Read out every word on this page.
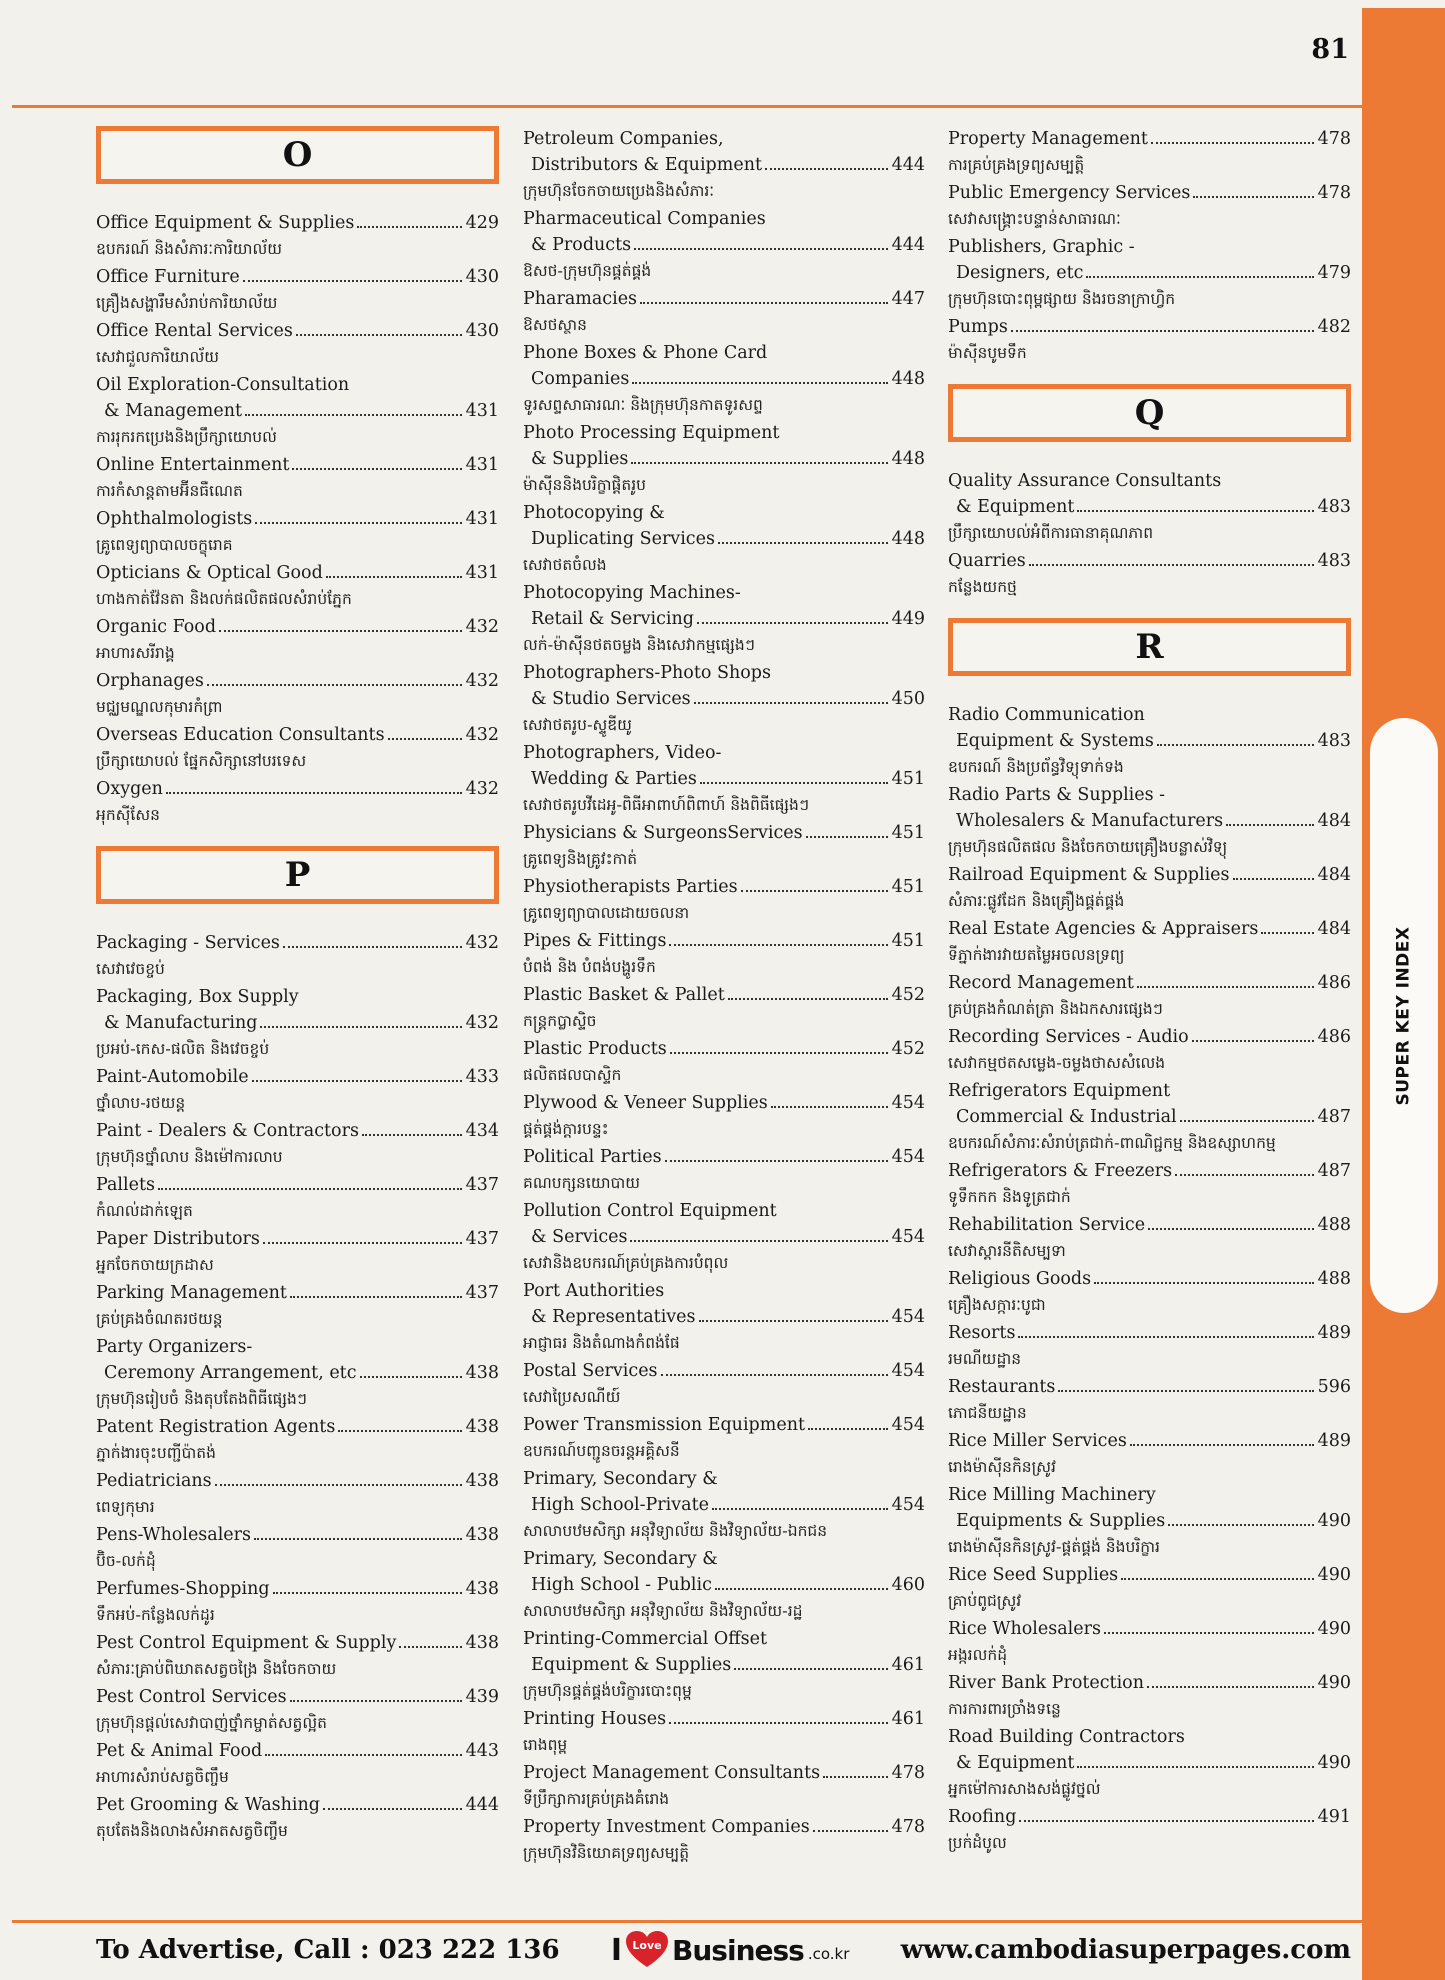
SUPER KEY INDEX
81
O
Office Equipment & Supplies	429
ឧបករណ៍ និងសំភារៈការិយាល័យ
Office Furniture	430
គ្រឿងសង្ហារឹមសំរាប់ការិយាល័យ
Office Rental Services	430
សេវាជួលការិយាល័យ
Oil Exploration-Consultation
& Management	431
ការរុករកប្រេងនិងប្រឹក្សាយោបល់
Online Entertainment	431
ការកំសាន្តតាមអ៊ីនធឺណេត
Ophthalmologists	431
គ្រូពេទ្យព្យាបាលចក្ខុរោគ
Opticians & Optical Good	431
ហាងកាត់វ៉ែនតា និងលក់ផលិតផលសំរាប់ភ្នែក
Organic Food	432
អាហារសរីរាង្គ
Orphanages	432
មជ្ឈមណ្ឌលកុមារកំព្រា
Overseas Education Consultants	432
ប្រឹក្សាយោបល់ ផ្នែកសិក្សានៅបរទេស
Oxygen	432
អុកស៊ីសែន
P
Packaging - Services	432
សេវាវេចខ្ចប់
Packaging, Box Supply
& Manufacturing	432
ប្រអប់-កេស-ផលិត និងវេចខ្ចប់
Paint-Automobile	433
ថ្នាំលាប-រថយន្ត
Paint - Dealers & Contractors	434
ក្រុមហ៊ុនថ្នាំលាប និងម៉ៅការលាប
Pallets	437
កំណល់ដាក់ឡេត
Paper Distributors	437
អ្នកចែកចាយក្រដាស
Parking Management	437
គ្រប់គ្រងចំណតរថយន្ត
Party Organizers-
Ceremony Arrangement, etc	438
ក្រុមហ៊ុនរៀបចំ និងតុបតែងពិធីផ្សេងៗ
Patent Registration Agents	438
ភ្នាក់ងារចុះបញ្ជីប៉ាតង់
Pediatricians	438
ពេទ្យកុមារ
Pens-Wholesalers	438
ប៊ិច-លក់ដុំ
Perfumes-Shopping	438
ទឹកអប់-កន្លែងលក់ដូរ
Pest Control Equipment & Supply	438
សំភារៈគ្រាប់ពិឃាតសត្វចង្រៃ និងចែកចាយ
Pest Control Services	439
ក្រុមហ៊ុនផ្តល់សេវាបាញ់ថ្នាំកម្ចាត់សត្វល្អិត
Pet & Animal Food	443
អាហារសំរាប់សត្វចិញ្ចឹម
Pet Grooming & Washing	444
តុបតែងនិងលាងសំអាតសត្វចិញ្ចឹម
Petroleum Companies,
Distributors & Equipment	444
ក្រុមហ៊ុនចែកចាយប្រេងនិងសំភារៈ
Pharmaceutical Companies
& Products	444
ឱសថ-ក្រុមហ៊ុនផ្គត់ផ្គង់
Pharamacies	447
ឱសថស្ថាន
Phone Boxes & Phone Card
Companies	448
ទូរសព្ទសាធារណៈ និងក្រុមហ៊ុនកាតទូរសព្ទ
Photo Processing Equipment
& Supplies	448
ម៉ាស៊ីននិងបរិក្ខាផ្តិតរូប
Photocopying &
Duplicating Services	448
សេវាថតចំលង
Photocopying Machines-
Retail & Servicing	449
លក់-ម៉ាស៊ីនថតចម្លង និងសេវាកម្មផ្សេងៗ
Photographers-Photo Shops
& Studio Services	450
សេវាថតរូប-ស្ទូឌីយូ
Photographers, Video-
Wedding & Parties	451
សេវាថតរូបវីដេអូ-ពិធីអាពាហ៍ពិពាហ៍ និងពិធីផ្សេងៗ
Physicians & SurgeonsServices	451
គ្រូពេទ្យនិងគ្រូវះកាត់
Physiotherapists Parties	451
គ្រូពេទ្យព្យាបាលដោយចលនា
Pipes & Fittings	451
បំពង់ និង បំពង់បង្ហូរទឹក
Plastic Basket & Pallet	452
កន្ត្រកប្លាស្ទិច
Plastic Products	452
ផលិតផលបាស្ទិក
Plywood & Veneer Supplies	454
ផ្គត់ផ្គង់ក្តារបន្ទះ
Political Parties	454
គណបក្សនយោបាយ
Pollution Control Equipment
& Services	454
សេវានិងឧបករណ៍គ្រប់គ្រងការបំពុល
Port Authorities
& Representatives	454
អាជ្ញាធរ និងតំណាងកំពង់ផែ
Postal Services	454
សេវាប្រៃសណីយ៍
Power Transmission Equipment	454
ឧបករណ៍បញ្ជូនចរន្តអគ្គិសនី
Primary, Secondary &
High School-Private	454
សាលាបឋមសិក្សា អនុវិទ្យាល័យ និងវិទ្យាល័យ-ឯកជន
Primary, Secondary &
High School - Public	460
សាលាបឋមសិក្សា អនុវិទ្យាល័យ និងវិទ្យាល័យ-រដ្ឋ
Printing-Commercial Offset
Equipment & Supplies	461
ក្រុមហ៊ុនផ្គត់ផ្គង់បរិក្ខារបោះពុម្ព
Printing Houses	461
រោងពុម្ព
Project Management Consultants	478
ទីប្រឹក្សាការគ្រប់គ្រងគំរោង
Property Investment Companies	478
ក្រុមហ៊ុនវិនិយោគទ្រព្យសម្បត្តិ
Property Management	478
ការគ្រប់គ្រងទ្រព្យសម្បត្តិ
Public Emergency Services	478
សេវាសង្គ្រោះបន្ទាន់សាធារណៈ
Publishers, Graphic -
Designers, etc	479
ក្រុមហ៊ុនបោះពុម្ពផ្សាយ និងរចនាក្រាហ្វិក
Pumps	482
ម៉ាស៊ីនបូមទឹក
Q
Quality Assurance Consultants
& Equipment	483
ប្រឹក្សាយោបល់អំពីការធានាគុណភាព
Quarries	483
កន្លែងយកថ្ម
R
Radio Communication
Equipment & Systems	483
ឧបករណ៍ និងប្រព័ន្ធវិទ្យុទាក់ទង
Radio Parts & Supplies -
Wholesalers & Manufacturers	484
ក្រុមហ៊ុនផលិតផល និងចែកចាយគ្រឿងបន្លាស់វិទ្យុ
Railroad Equipment & Supplies	484
សំភារៈផ្លូវដែក និងគ្រឿងផ្គត់ផ្គង់
Real Estate Agencies & Appraisers	484
ទីភ្នាក់ងារវាយតម្លៃអចលនទ្រព្យ
Record Management	486
គ្រប់គ្រងកំណត់ត្រា និងឯកសារផ្សេងៗ
Recording Services - Audio	486
សេវាកម្មថតសម្លេង-ចម្លងថាសសំលេង
Refrigerators Equipment
Commercial & Industrial	487
ឧបករណ៍សំភារៈសំរាប់ត្រជាក់-ពាណិជ្ជកម្ម និងឧស្សាហកម្ម
Refrigerators & Freezers	487
ទូទឹកកក និងទូត្រជាក់
Rehabilitation Service	488
សេវាស្តារនីតិសម្បទា
Religious Goods	488
គ្រឿងសក្ការៈបូជា
Resorts	489
រមណីយដ្ឋាន
Restaurants	596
ភោជនីយដ្ឋាន
Rice Miller Services	489
រោងម៉ាស៊ីនកិនស្រូវ
Rice Milling Machinery
Equipments & Supplies	490
រោងម៉ាស៊ីនកិនស្រូវ-ផ្គត់ផ្គង់ និងបរិក្ខារ
Rice Seed Supplies	490
គ្រាប់ពូជស្រូវ
Rice Wholesalers	490
អង្ករលក់ដុំ
River Bank Protection	490
ការការពារច្រាំងទន្លេ
Road Building Contractors
& Equipment	490
អ្នកម៉ៅការសាងសង់ផ្លូវថ្នល់
Roofing	491
ប្រក់ដំបូល
To Advertise, Call : 023 222 136 I Love Business .co.kr www.cambodiasuperpages.com
